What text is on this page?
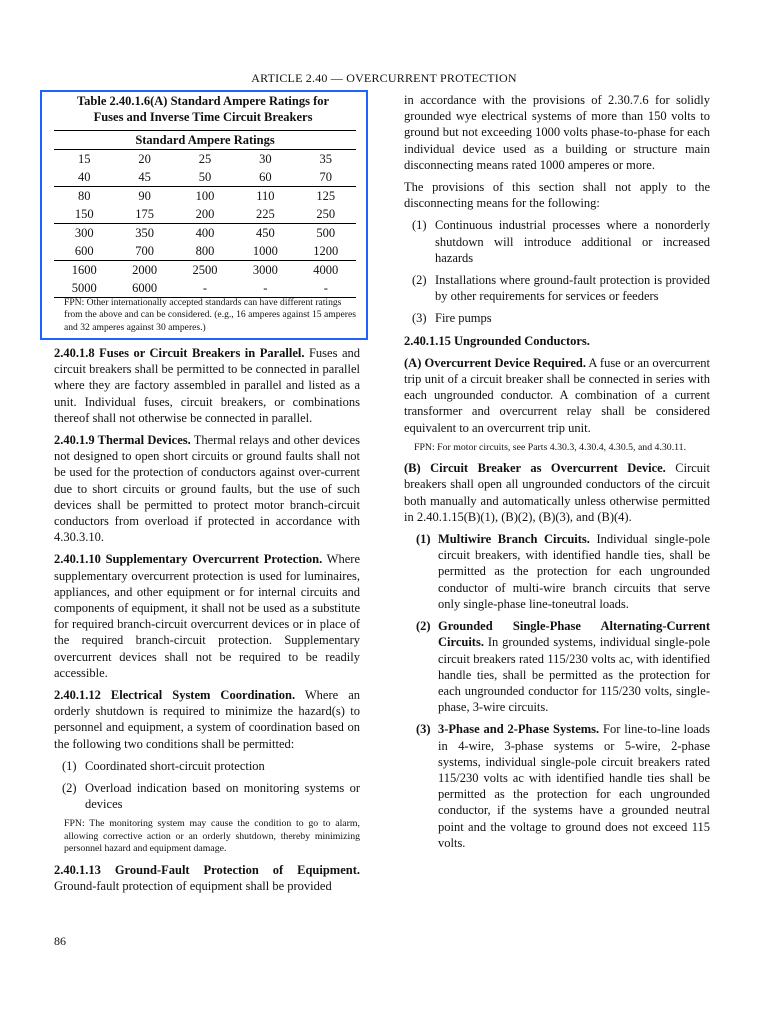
ARTICLE 2.40 — OVERCURRENT PROTECTION
Table 2.40.1.6(A) Standard Ampere Ratings for
Fuses and Inverse Time Circuit Breakers
Standard Ampere Ratings				
15	20	25	30	35
40	45	50	60	70
80	90	100	110	125
150	175	200	225	250
300	350	400	450	500
600	700	800	1000	1200
1600	2000	2500	3000	4000
5000	6000	-	-	-
FPN: Other internationally accepted standards can have different ratings from the above and can be considered. (e.g., 16 amperes against 15 amperes and 32 amperes against 30 amperes.)

2.40.1.8 Fuses or Circuit Breakers in Parallel. Fuses and circuit breakers shall be permitted to be connected in parallel where they are factory assembled in parallel and listed as a unit. Individual fuses, circuit breakers, or combinations thereof shall not otherwise be connected in parallel.

2.40.1.9 Thermal Devices. Thermal relays and other devices not designed to open short circuits or ground faults shall not be used for the protection of conductors against over-current due to short circuits or ground faults, but the use of such devices shall be permitted to protect motor branch-circuit conductors from overload if protected in accordance with 4.30.3.10.

2.40.1.10 Supplementary Overcurrent Protection. Where supplementary overcurrent protection is used for luminaires, appliances, and other equipment or for internal circuits and components of equipment, it shall not be used as a substitute for required branch-circuit overcurrent devices or in place of the required branch-circuit protection. Supplementary overcurrent devices shall not be required to be readily accessible.

2.40.1.12 Electrical System Coordination. Where an orderly shutdown is required to minimize the hazard(s) to personnel and equipment, a system of coordination based on the following two conditions shall be permitted:

(1) Coordinated short-circuit protection
(2) Overload indication based on monitoring systems or devices

FPN: The monitoring system may cause the condition to go to alarm, allowing corrective action or an orderly shutdown, thereby minimizing personnel hazard and equipment damage.

2.40.1.13 Ground-Fault Protection of Equipment. Ground-fault protection of equipment shall be provided

in accordance with the provisions of 2.30.7.6 for solidly grounded wye electrical systems of more than 150 volts to ground but not exceeding 1000 volts phase-to-phase for each individual device used as a building or structure main disconnecting means rated 1000 amperes or more.

The provisions of this section shall not apply to the disconnecting means for the following:

(1) Continuous industrial processes where a nonorderly shutdown will introduce additional or increased hazards
(2) Installations where ground-fault protection is provided by other requirements for services or feeders
(3) Fire pumps

2.40.1.15 Ungrounded Conductors.

(A) Overcurrent Device Required. A fuse or an overcurrent trip unit of a circuit breaker shall be connected in series with each ungrounded conductor. A combination of a current transformer and overcurrent relay shall be considered equivalent to an overcurrent trip unit.

FPN: For motor circuits, see Parts 4.30.3, 4.30.4, 4.30.5, and 4.30.11.

(B) Circuit Breaker as Overcurrent Device. Circuit breakers shall open all ungrounded conductors of the circuit both manually and automatically unless otherwise permitted in 2.40.1.15(B)(1), (B)(2), (B)(3), and (B)(4).

(1) Multiwire Branch Circuits. Individual single-pole circuit breakers, with identified handle ties, shall be permitted as the protection for each ungrounded conductor of multi-wire branch circuits that serve only single-phase line-toneutral loads.
(2) Grounded Single-Phase Alternating-Current Circuits. In grounded systems, individual single-pole circuit breakers rated 115/230 volts ac, with identified handle ties, shall be permitted as the protection for each ungrounded conductor for 115/230 volts, single-phase, 3-wire circuits.
(3) 3-Phase and 2-Phase Systems. For line-to-line loads in 4-wire, 3-phase systems or 5-wire, 2-phase systems, individual single-pole circuit breakers rated 115/230 volts ac with identified handle ties shall be permitted as the protection for each ungrounded conductor, if the systems have a grounded neutral point and the voltage to ground does not exceed 115 volts.
86
